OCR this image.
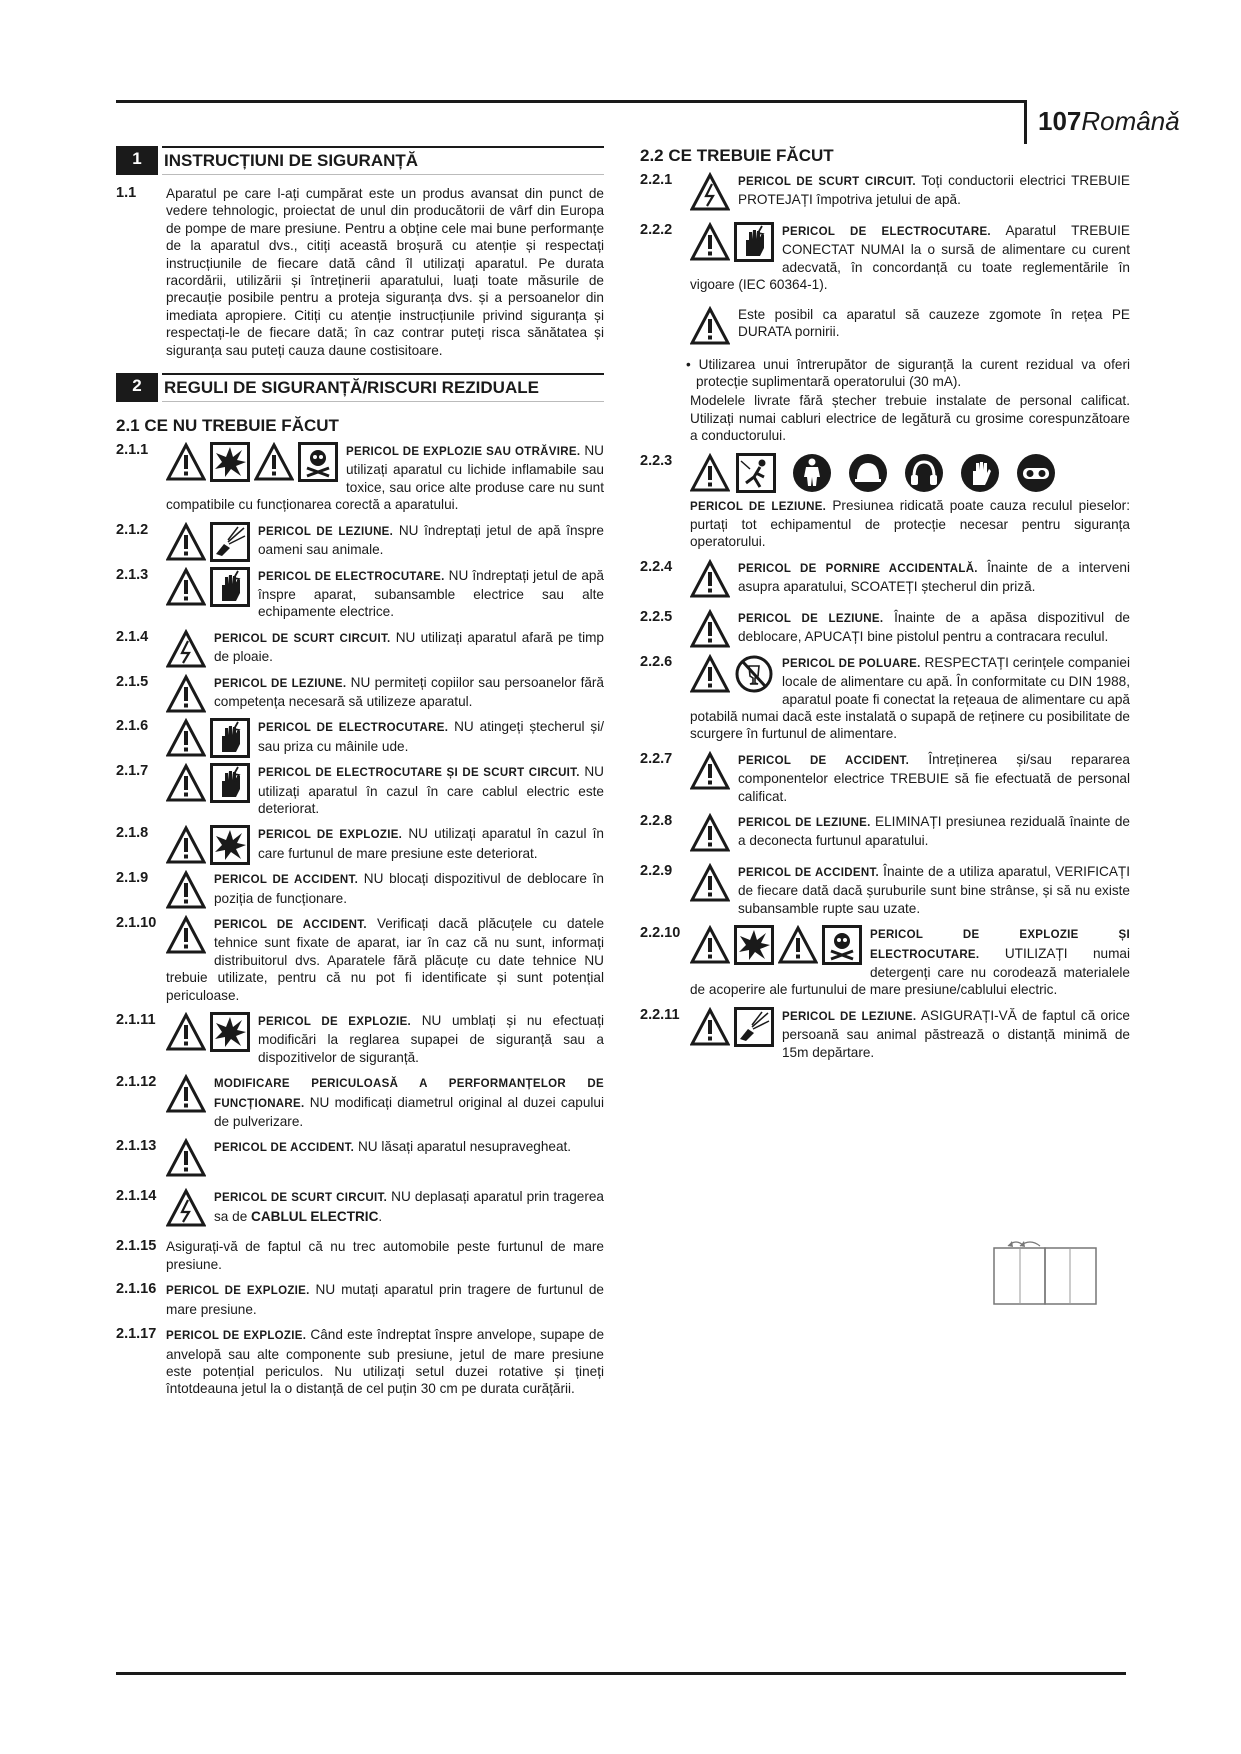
107Românǎ
1	INSTRUCȚIUNI DE SIGURANȚĂ
1.1 Aparatul pe care l-ați cumpărat este un produs avansat din punct de vedere tehnologic, proiectat de unul din producătorii de vârf din Europa de pompe de mare presiune. Pentru a obține cele mai bune performanțe de la aparatul dvs., citiți această broșură cu atenție și respectați instrucțiunile de fiecare dată când îl utilizați aparatul. Pe durata racordării, utilizării și întreținerii aparatului, luați toate măsurile de precauție posibile pentru a proteja siguranța dvs. și a persoanelor din imediata apropiere. Citiți cu atenție instrucțiunile privind siguranța și respectați-le de fiecare dată; în caz contrar puteți risca sănătatea și siguranța sau puteți cauza daune costisitoare.
2	REGULI DE SIGURANȚĂ/RISCURI REZIDUALE
2.1 CE NU TREBUIE FĂCUT
2.1.1	PERICOL DE EXPLOZIE SAU OTRĂVIRE. NU utilizați aparatul cu lichide inflamabile sau toxice, sau orice alte produse care nu sunt compatibile cu funcționarea corectă a aparatului.
2.1.2	PERICOL DE LEZIUNE. NU îndreptați jetul de apă înspre oameni sau animale.
2.1.3	PERICOL DE ELECTROCUTARE. NU îndreptați jetul de apă înspre aparat, subansamble electrice sau alte echipamente electrice.
2.1.4	PERICOL DE SCURT CIRCUIT. NU utilizați aparatul afară pe timp de ploaie.
2.1.5	PERICOL DE LEZIUNE. NU permiteți copiilor sau persoanelor fără competența necesară să utilizeze aparatul.
2.1.6	PERICOL DE ELECTROCUTARE. NU atingeți ștecherul și/ sau priza cu mâinile ude.
2.1.7	PERICOL DE ELECTROCUTARE ȘI DE SCURT CIRCUIT. NU utilizați aparatul în cazul în care cablul electric este deteriorat.
2.1.8	PERICOL DE EXPLOZIE. NU utilizați aparatul în cazul în care furtunul de mare presiune este deteriorat.
2.1.9	PERICOL DE ACCIDENT. NU blocați dispozitivul de deblocare în poziția de funcționare.
2.1.10	PERICOL DE ACCIDENT. Verificați dacă plăcuțele cu datele tehnice sunt fixate de aparat, iar în caz că nu sunt, informați distribuitorul dvs. Aparatele fără plăcuțe cu date tehnice NU trebuie utilizate, pentru că nu pot fi identificate și sunt potențial periculoase.
2.1.11	PERICOL DE EXPLOZIE. NU umblați și nu efectuați modificări la reglarea supapei de siguranță sau a dispozitivelor de siguranță.
2.1.12	MODIFICARE PERICULOASĂ A PERFORMANȚELOR DE FUNCȚIONARE. NU modificați diametrul original al duzei capului de pulverizare.
2.1.13	PERICOL DE ACCIDENT. NU lăsați aparatul nesupravegheat.
2.1.14	PERICOL DE SCURT CIRCUIT. NU deplasați aparatul prin tragerea sa de CABLUL ELECTRIC.
2.1.15 Asigurați-vă de faptul că nu trec automobile peste furtunul de mare presiune.
2.1.16 PERICOL DE EXPLOZIE. NU mutați aparatul prin tragere de furtunul de mare presiune.
2.1.17 PERICOL DE EXPLOZIE. Când este îndreptat înspre anvelope, supape de anvelopă sau alte componente sub presiune, jetul de mare presiune este potențial periculos. Nu utilizați setul duzei rotative și țineți întotdeauna jetul la o distanță de cel puțin 30 cm pe durata curățării.
2.2 CE TREBUIE FĂCUT
2.2.1	PERICOL DE SCURT CIRCUIT. Toți conductorii electrici TREBUIE PROTEJAȚI împotriva jetului de apă.
2.2.2	PERICOL DE ELECTROCUTARE. Aparatul TREBUIE CONECTAT NUMAI la o sursă de alimentare cu curent adecvată, în concordanță cu toate reglementările în vigoare (IEC 60364-1).
Este posibil ca aparatul să cauzeze zgomote în rețea PE DURATA pornirii.
• Utilizarea unui întrerupător de siguranță la curent rezidual va oferi protecție suplimentară operatorului (30 mA).
Modelele livrate fără ștecher trebuie instalate de personal calificat. Utilizați numai cabluri electrice de legătură cu grosime corespunzătoare a conductorului.
2.2.3
PERICOL DE LEZIUNE. Presiunea ridicată poate cauza reculul pieselor: purtați tot echipamentul de protecție necesar pentru siguranța operatorului.
2.2.4	PERICOL DE PORNIRE ACCIDENTALĂ. Înainte de a interveni asupra aparatului, SCOATEȚI ștecherul din priză.
2.2.5	PERICOL DE LEZIUNE. Înainte de a apăsa dispozitivul de deblocare, APUCAȚI bine pistolul pentru a contracara reculul.
2.2.6	PERICOL DE POLUARE. RESPECTAȚI cerințele companiei locale de alimentare cu apă. În conformitate cu DIN 1988, aparatul poate fi conectat la rețeaua de alimentare cu apă potabilă numai dacă este instalată o supapă de reținere cu posibilitate de scurgere în furtunul de alimentare.
2.2.7	PERICOL DE ACCIDENT. Întreținerea și/sau repararea componentelor electrice TREBUIE să fie efectuată de personal calificat.
2.2.8	PERICOL DE LEZIUNE. ELIMINAȚI presiunea reziduală înainte de a deconecta furtunul aparatului.
2.2.9	PERICOL DE ACCIDENT. Înainte de a utiliza aparatul, VERIFICAȚI de fiecare dată dacă șuruburile sunt bine strânse, și să nu existe subansamble rupte sau uzate.
2.2.10	PERICOL DE EXPLOZIE ȘI ELECTROCUTARE. UTILIZAȚI numai detergenți care nu corodează materialele de acoperire ale furtunului de mare presiune/cablului electric.
2.2.11	PERICOL DE LEZIUNE. ASIGURAȚI-VĂ de faptul că orice persoană sau animal păstrează o distanță minimă de 15m depărtare.
